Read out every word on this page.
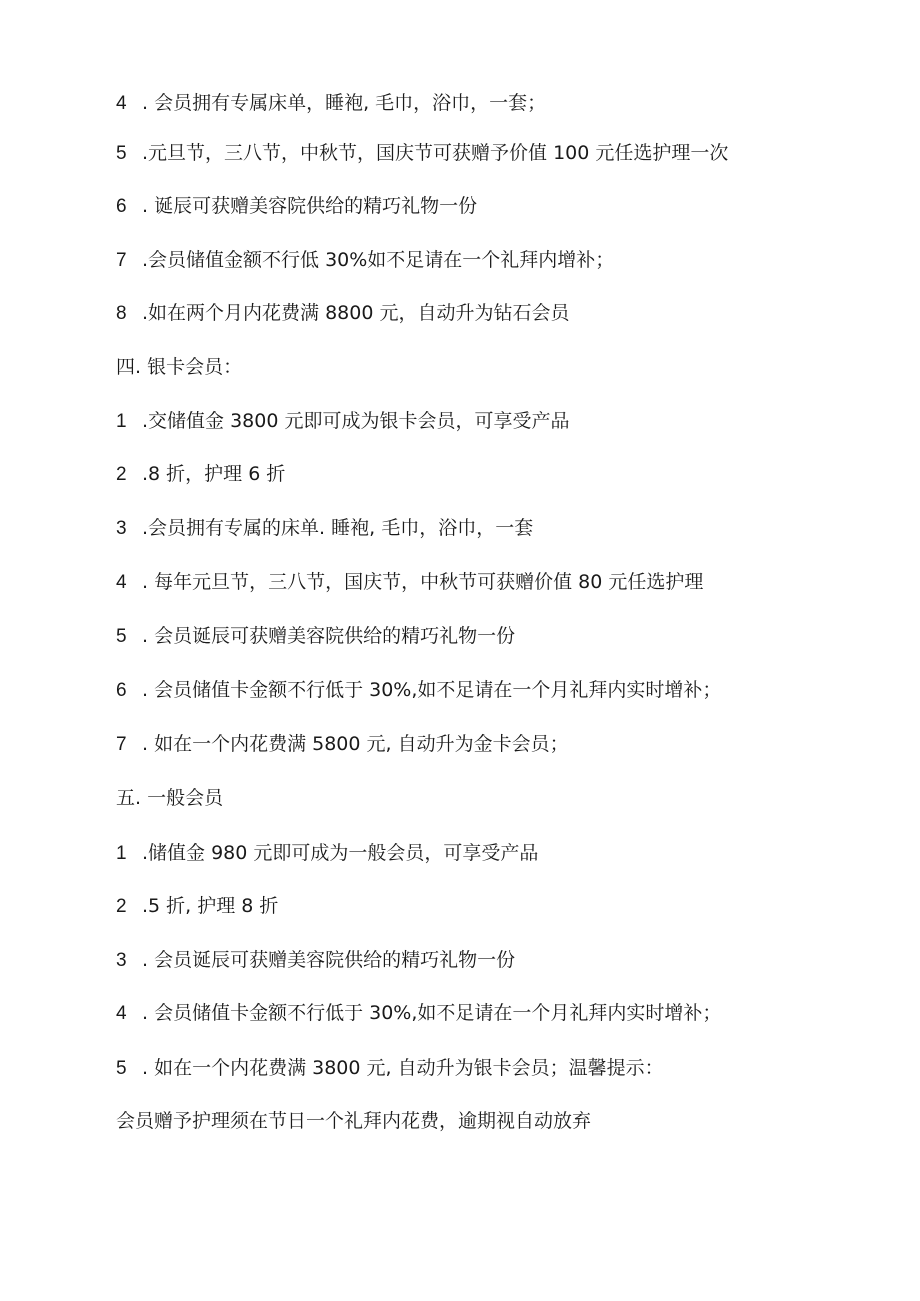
4 . 会员拥有专属床单，睡袍, 毛巾，浴巾，一套；
5 .元旦节，三八节，中秋节，国庆节可获赠予价值 100 元任选护理一次
6 . 诞辰可获赠美容院供给的精巧礼物一份
7 .会员储值金额不行低 30%如不足请在一个礼拜内增补；
8 .如在两个月内花费满 8800 元，自动升为钻石会员
四. 银卡会员：
1 .交储值金 3800 元即可成为银卡会员，可享受产品
2 .8 折，护理 6 折
3 .会员拥有专属的床单. 睡袍, 毛巾，浴巾，一套
4 . 每年元旦节，三八节，国庆节，中秋节可获赠价值 80 元任选护理
5 . 会员诞辰可获赠美容院供给的精巧礼物一份
6 . 会员储值卡金额不行低于 30%,如不足请在一个月礼拜内实时增补；
7 . 如在一个内花费满 5800 元, 自动升为金卡会员；
五. 一般会员
1 .储值金 980 元即可成为一般会员，可享受产品
2 .5 折, 护理 8 折
3 . 会员诞辰可获赠美容院供给的精巧礼物一份
4 . 会员储值卡金额不行低于 30%,如不足请在一个月礼拜内实时增补；
5 . 如在一个内花费满 3800 元, 自动升为银卡会员；温馨提示：
会员赠予护理须在节日一个礼拜内花费，逾期视自动放弃
